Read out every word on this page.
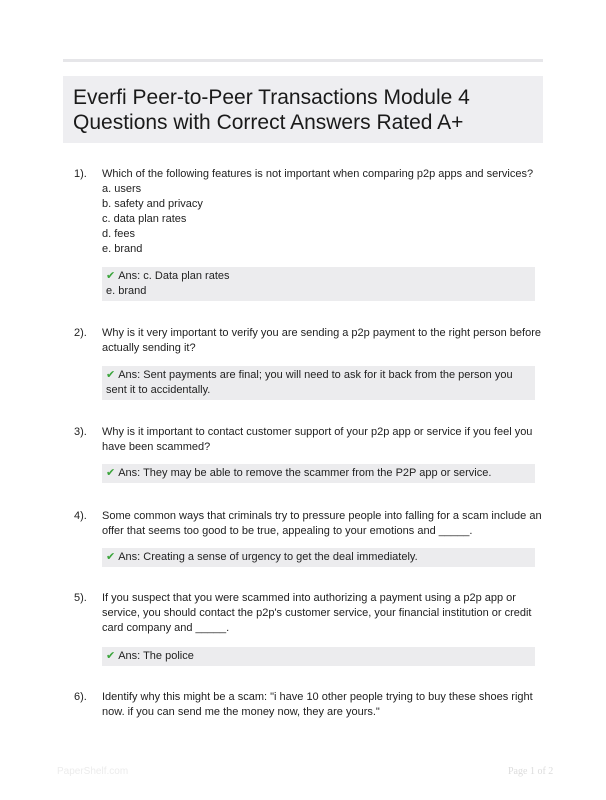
Everfi Peer-to-Peer Transactions Module 4 Questions with Correct Answers Rated A+
1). Which of the following features is not important when comparing p2p apps and services?
a. users
b. safety and privacy
c. data plan rates
d. fees
e. brand
✔ Ans: c. Data plan rates
e. brand
2). Why is it very important to verify you are sending a p2p payment to the right person before actually sending it?
✔ Ans: Sent payments are final; you will need to ask for it back from the person you sent it to accidentally.
3). Why is it important to contact customer support of your p2p app or service if you feel you have been scammed?
✔ Ans: They may be able to remove the scammer from the P2P app or service.
4). Some common ways that criminals try to pressure people into falling for a scam include an offer that seems too good to be true, appealing to your emotions and _____.
✔ Ans: Creating a sense of urgency to get the deal immediately.
5). If you suspect that you were scammed into authorizing a payment using a p2p app or service, you should contact the p2p's customer service, your financial institution or credit card company and _____.
✔ Ans: The police
6). Identify why this might be a scam: "i have 10 other people trying to buy these shoes right now. if you can send me the money now, they are yours."
PaperShelf.com	Page 1 of 2
